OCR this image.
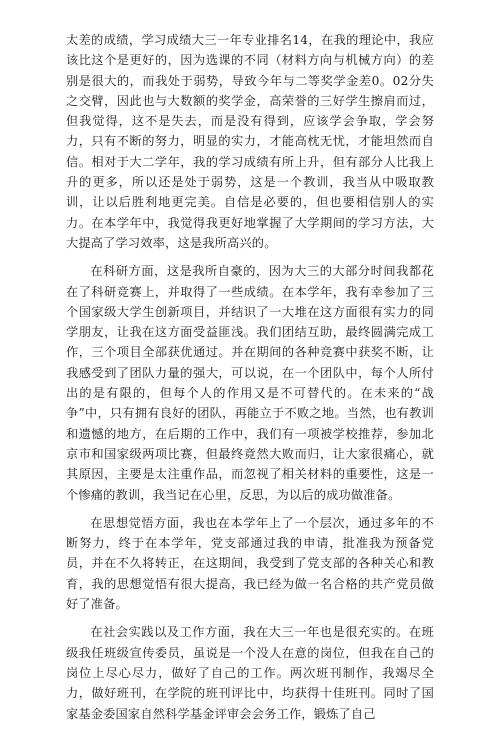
太差的成绩，学习成绩大三一年专业排名14，在我的理论中，我应该比这个是更好的，因为选课的不同（材料方向与机械方向）的差别是很大的，而我处于弱势，导致今年与二等奖学金差0。02分失之交臂，因此也与大数额的奖学金，高荣誉的三好学生擦肩而过，但我觉得，这不是失去，而是没有得到，应该学会争取，学会努力，只有不断的努力，明显的实力，才能高枕无忧，才能坦然而自信。相对于大二学年，我的学习成绩有所上升，但有部分人比我上升的更多，所以还是处于弱势，这是一个教训，我当从中吸取教训，让以后胜利地更完美。自信是必要的，但也要相信别人的实力。在本学年中，我觉得我更好地掌握了大学期间的学习方法，大大提高了学习效率，这是我所高兴的。

在科研方面，这是我所自豪的，因为大三的大部分时间我都花在了科研竞赛上，并取得了一些成绩。在本学年，我有幸参加了三个国家级大学生创新项目，并结识了一大堆在这方面很有实力的同学朋友，让我在这方面受益匪浅。我们团结互助，最终圆满完成工作，三个项目全部获优通过。并在期间的各种竞赛中获奖不断，让我感受到了团队力量的强大，可以说，在一个团队中，每个人所付出的是有限的，但每个人的作用又是不可替代的。在未来的“战争”中，只有拥有良好的团队，再能立于不败之地。当然，也有教训和遗憾的地方，在后期的工作中，我们有一项被学校推荐，参加北京市和国家级两项比赛，但最终竟然大败而归，让大家很痛心，就其原因，主要是太注重作品，而忽视了相关材料的重要性，这是一个惨痛的教训，我当记在心里，反思，为以后的成功做准备。

在思想觉悟方面，我也在本学年上了一个层次，通过多年的不断努力，终于在本学年，党支部通过我的申请，批准我为预备党员，并在不久将转正，在这期间，我受到了党支部的各种关心和教育，我的思想觉悟有很大提高，我已经为做一名合格的共产党员做好了准备。

在社会实践以及工作方面，我在大三一年也是很充实的。在班级我任班级宣传委员，虽说是一个没人在意的岗位，但我在自己的岗位上尽心尽力，做好了自己的工作。两次班刊制作，我竭尽全力，做好班刊，在学院的班刊评比中，均获得十佳班刊。同时了国家基金委国家自然科学基金评审会会务工作，锻炼了自己
